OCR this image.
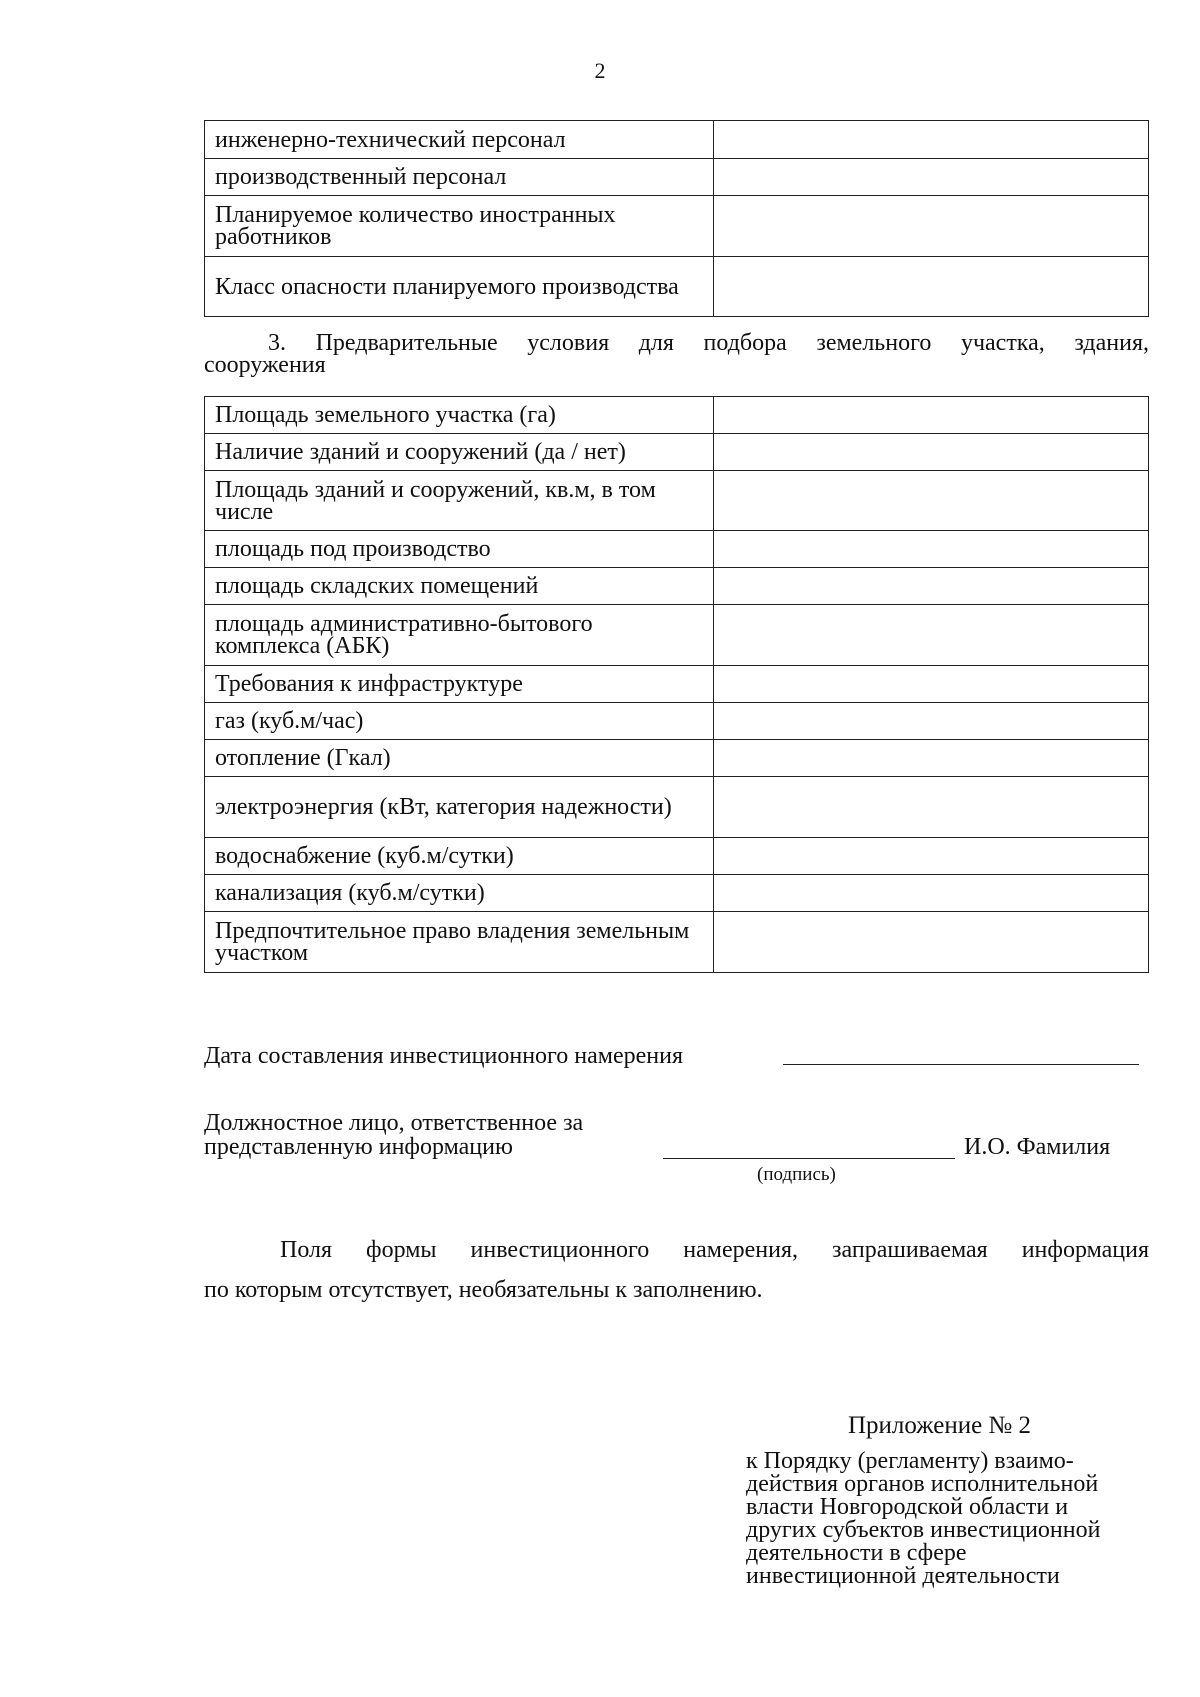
2
инженерно-технический персонал	
производственный персонал	
Планируемое количество иностранных работников	
Класс опасности планируемого производства	
3. Предварительные условия для подбора земельного участка, здания,
сооружения
Площадь земельного участка (га)	
Наличие зданий и сооружений (да / нет)	
Площадь зданий и сооружений, кв.м, в том числе	
площадь под производство	
площадь складских помещений	
площадь административно-бытового комплекса (АБК)	
Требования к инфраструктуре	
газ (куб.м/час)	
отопление (Гкал)	
электроэнергия (кВт, категория надежности)	
водоснабжение (куб.м/сутки)	
канализация (куб.м/сутки)	
Предпочтительное право владения земельным участком	
Дата составления инвестиционного намерения
Должностное лицо, ответственное за
представленную информацию	И.О. Фамилия
(подпись)
Поля формы инвестиционного намерения, запрашиваемая информация
по которым отсутствует, необязательны к заполнению.
Приложение № 2
к Порядку (регламенту) взаимо-
действия органов исполнительной
власти Новгородской области и
других субъектов инвестиционной
деятельности в сфере
инвестиционной деятельности
